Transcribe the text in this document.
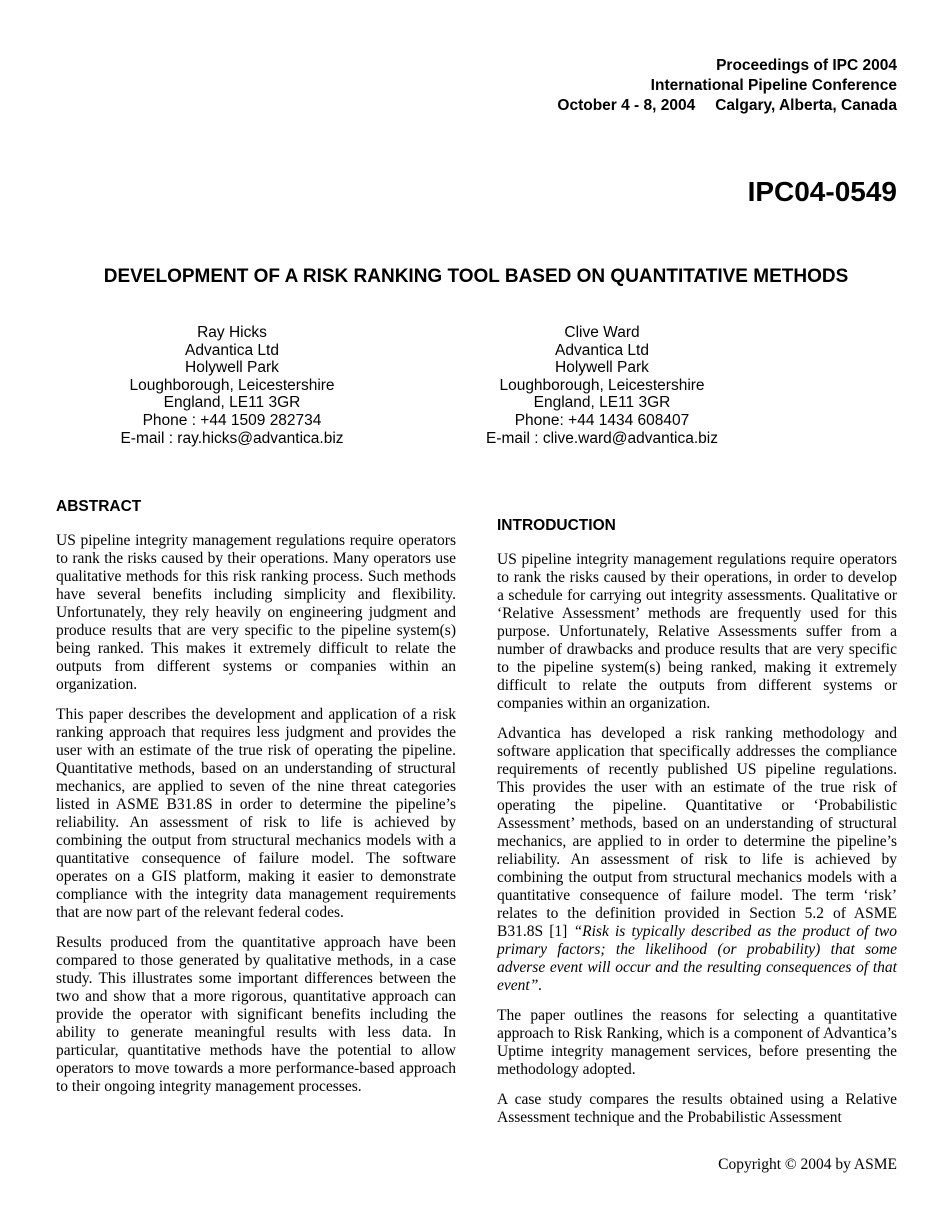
Proceedings of IPC 2004
International Pipeline Conference
October 4 - 8, 2004 Calgary, Alberta, Canada
IPC04-0549
DEVELOPMENT OF A RISK RANKING TOOL BASED ON QUANTITATIVE METHODS
Ray Hicks
Advantica Ltd
Holywell Park
Loughborough, Leicestershire
England, LE11 3GR
Phone : +44 1509 282734
E-mail : ray.hicks@advantica.biz
Clive Ward
Advantica Ltd
Holywell Park
Loughborough, Leicestershire
England, LE11 3GR
Phone: +44 1434 608407
E-mail : clive.ward@advantica.biz
ABSTRACT

US pipeline integrity management regulations require operators to rank the risks caused by their operations. Many operators use qualitative methods for this risk ranking process. Such methods have several benefits including simplicity and flexibility. Unfortunately, they rely heavily on engineering judgment and produce results that are very specific to the pipeline system(s) being ranked. This makes it extremely difficult to relate the outputs from different systems or companies within an organization.

This paper describes the development and application of a risk ranking approach that requires less judgment and provides the user with an estimate of the true risk of operating the pipeline. Quantitative methods, based on an understanding of structural mechanics, are applied to seven of the nine threat categories listed in ASME B31.8S in order to determine the pipeline’s reliability. An assessment of risk to life is achieved by combining the output from structural mechanics models with a quantitative consequence of failure model. The software operates on a GIS platform, making it easier to demonstrate compliance with the integrity data management requirements that are now part of the relevant federal codes.

Results produced from the quantitative approach have been compared to those generated by qualitative methods, in a case study. This illustrates some important differences between the two and show that a more rigorous, quantitative approach can provide the operator with significant benefits including the ability to generate meaningful results with less data. In particular, quantitative methods have the potential to allow operators to move towards a more performance-based approach to their ongoing integrity management processes.

INTRODUCTION

US pipeline integrity management regulations require operators to rank the risks caused by their operations, in order to develop a schedule for carrying out integrity assessments. Qualitative or ‘Relative Assessment’ methods are frequently used for this purpose. Unfortunately, Relative Assessments suffer from a number of drawbacks and produce results that are very specific to the pipeline system(s) being ranked, making it extremely difficult to relate the outputs from different systems or companies within an organization.

Advantica has developed a risk ranking methodology and software application that specifically addresses the compliance requirements of recently published US pipeline regulations. This provides the user with an estimate of the true risk of operating the pipeline. Quantitative or ‘Probabilistic Assessment’ methods, based on an understanding of structural mechanics, are applied to in order to determine the pipeline’s reliability. An assessment of risk to life is achieved by combining the output from structural mechanics models with a quantitative consequence of failure model. The term ‘risk’ relates to the definition provided in Section 5.2 of ASME B31.8S [1] “Risk is typically described as the product of two primary factors; the likelihood (or probability) that some adverse event will occur and the resulting consequences of that event”.

The paper outlines the reasons for selecting a quantitative approach to Risk Ranking, which is a component of Advantica’s Uptime integrity management services, before presenting the methodology adopted.

A case study compares the results obtained using a Relative Assessment technique and the Probabilistic Assessment

Copyright © 2004 by ASME
